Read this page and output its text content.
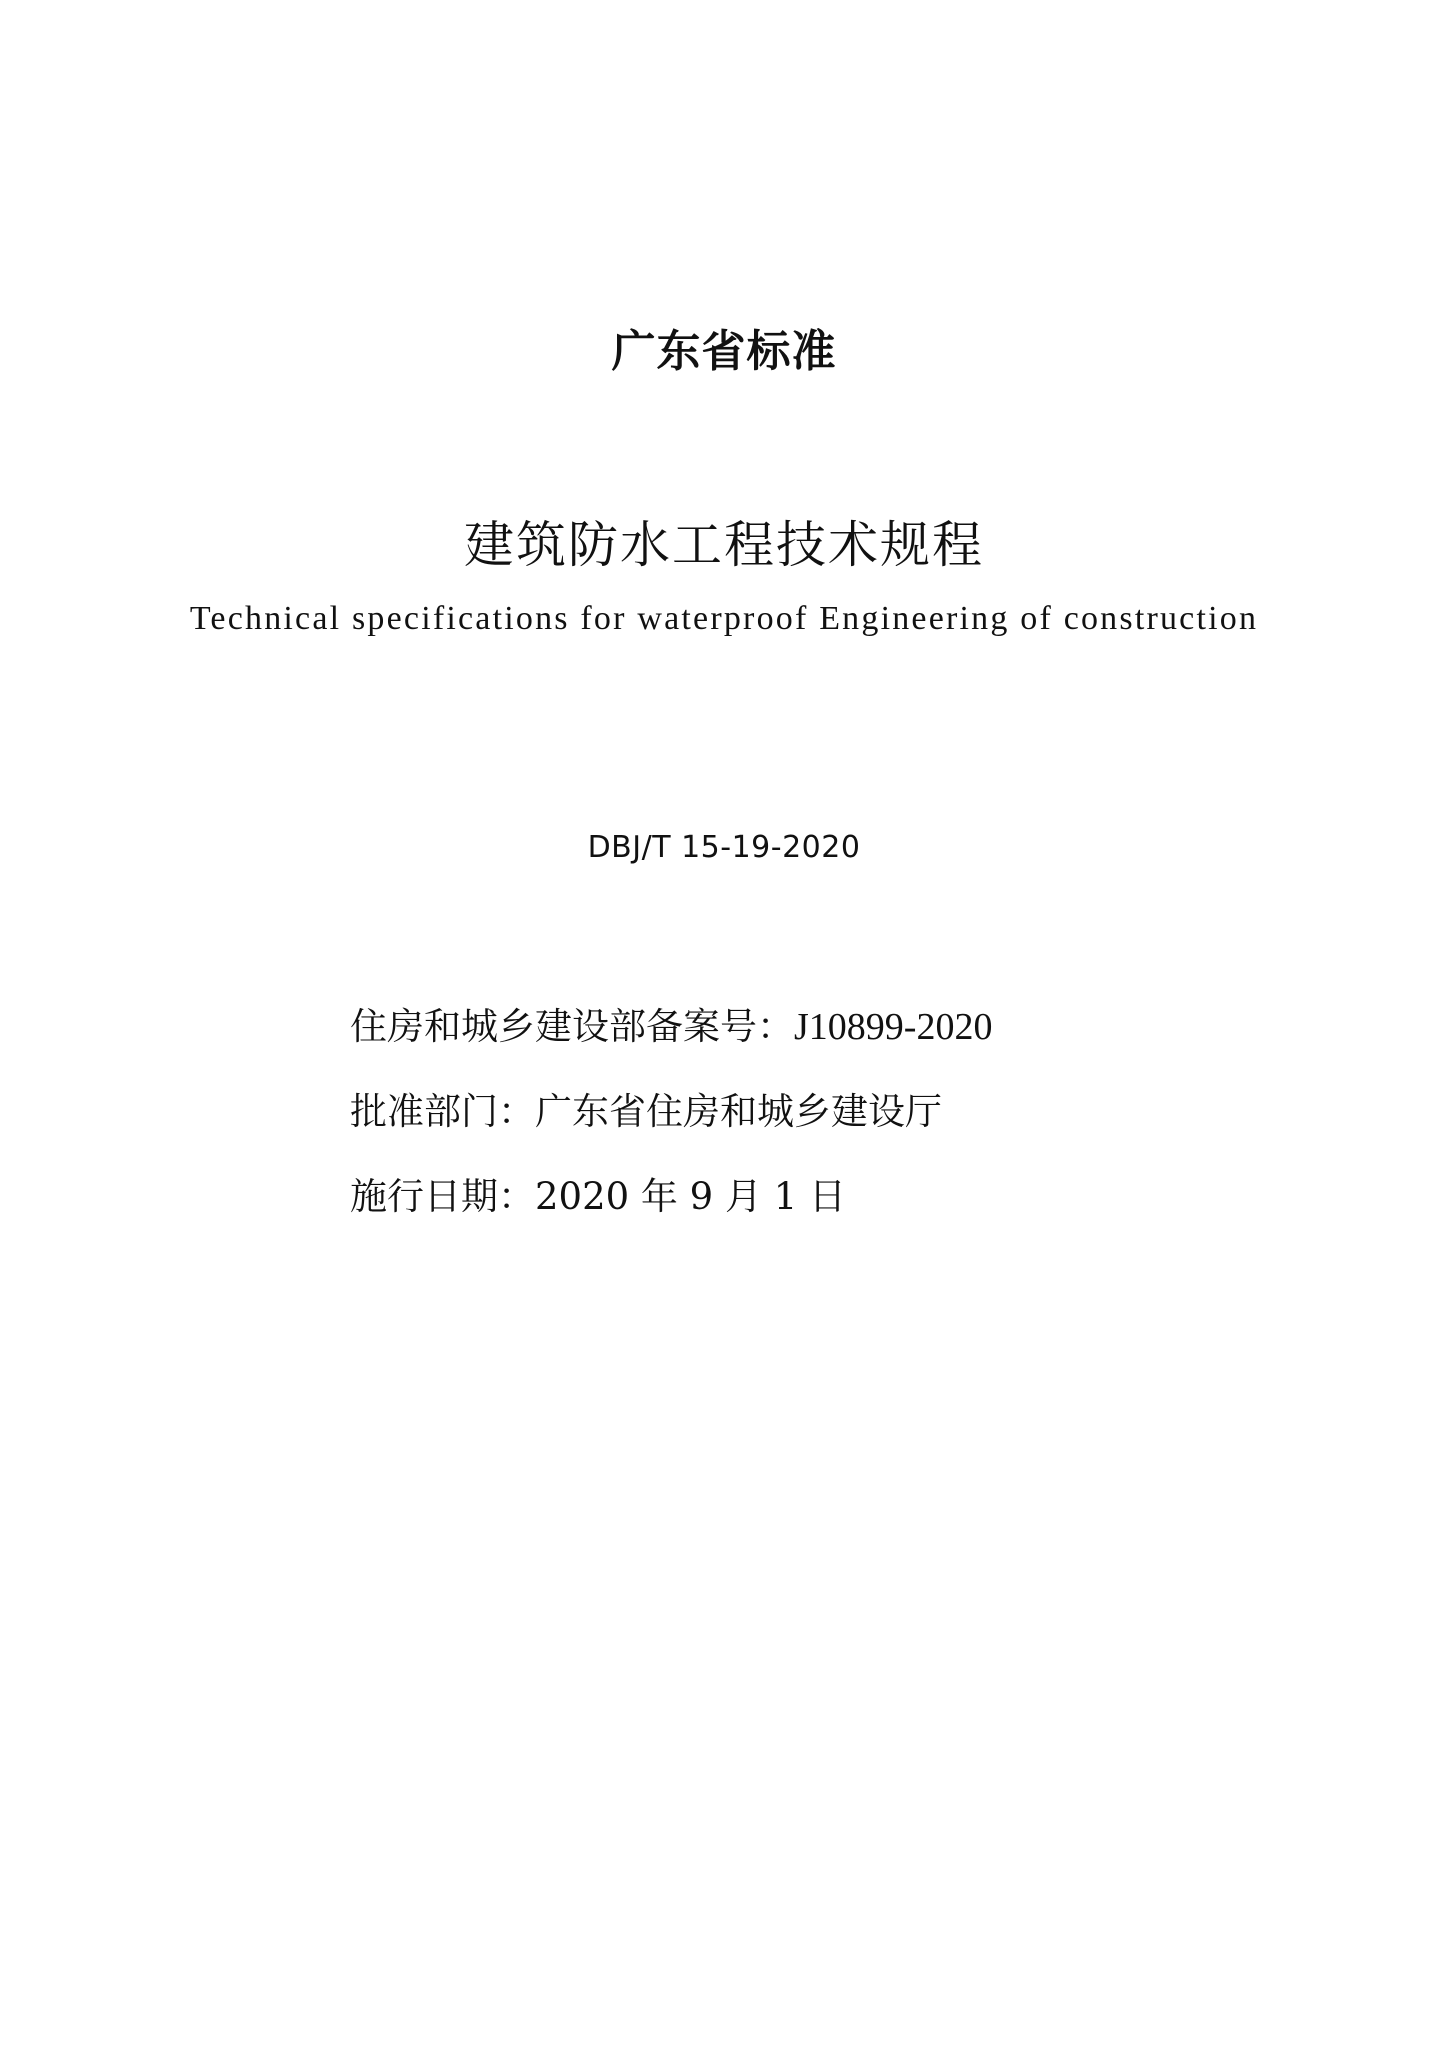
广东省标准
建筑防水工程技术规程
Technical specifications for waterproof Engineering of construction
DBJ/T 15-19-2020
住房和城乡建设部备案号：J10899-2020
批准部门：广东省住房和城乡建设厅
施行日期：2020 年 9 月 1 日
